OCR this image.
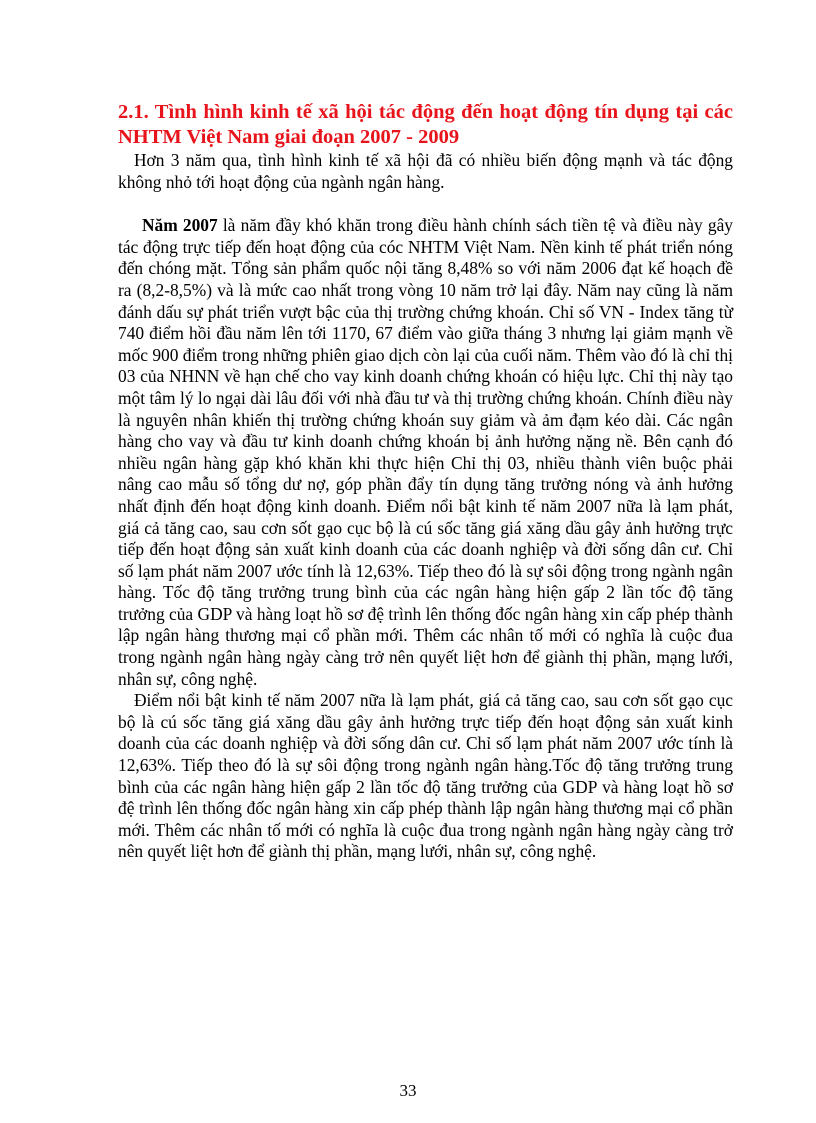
2.1. Tình hình kinh tế xã hội tác động đến hoạt động tín dụng tại các NHTM Việt Nam giai đoạn 2007 - 2009

Hơn 3 năm qua, tình hình kinh tế xã hội đã có nhiều biến động mạnh và tác động không nhỏ tới hoạt động của ngành ngân hàng.

Năm 2007 là năm đầy khó khăn trong điều hành chính sách tiền tệ và điều này gây tác động trực tiếp đến hoạt động của cóc NHTM Việt Nam. Nền kinh tế phát triển nóng đến chóng mặt. Tổng sản phẩm quốc nội tăng 8,48% so với năm 2006 đạt kế hoạch đề ra (8,2-8,5%) và là mức cao nhất trong vòng 10 năm trở lại đây. Năm nay cũng là năm đánh dấu sự phát triển vượt bậc của thị trường chứng khoán. Chỉ số VN - Index tăng từ 740 điểm hồi đầu năm lên tới 1170, 67 điểm vào giữa tháng 3 nhưng lại giảm mạnh về mốc 900 điểm trong những phiên giao dịch còn lại của cuối năm. Thêm vào đó là chỉ thị 03 của NHNN về hạn chế cho vay kinh doanh chứng khoán có hiệu lực. Chỉ thị này tạo một tâm lý lo ngại dài lâu đối với nhà đầu tư và thị trường chứng khoán. Chính điều này là nguyên nhân khiến thị trường chứng khoán suy giảm và ảm đạm kéo dài. Các ngân hàng cho vay và đầu tư kinh doanh chứng khoán bị ảnh hưởng nặng nề. Bên cạnh đó nhiều ngân hàng gặp khó khăn khi thực hiện Chỉ thị 03, nhiều thành viên buộc phải nâng cao mẫu số tổng dư nợ, góp phần đẩy tín dụng tăng trưởng nóng và ảnh hưởng nhất định đến hoạt động kinh doanh. Điểm nổi bật kinh tế năm 2007 nữa là lạm phát, giá cả tăng cao, sau cơn sốt gạo cục bộ là cú sốc tăng giá xăng dầu gây ảnh hưởng trực tiếp đến hoạt động sản xuất kinh doanh của các doanh nghiệp và đời sống dân cư. Chỉ số lạm phát năm 2007 ước tính là 12,63%. Tiếp theo đó là sự sôi động trong ngành ngân hàng. Tốc độ tăng trưởng trung bình của các ngân hàng hiện gấp 2 lần tốc độ tăng trưởng của GDP và hàng loạt hồ sơ đệ trình lên thống đốc ngân hàng xin cấp phép thành lập ngân hàng thương mại cổ phần mới. Thêm các nhân tố mới có nghĩa là cuộc đua trong ngành ngân hàng ngày càng trở nên quyết liệt hơn để giành thị phần, mạng lưới, nhân sự, công nghệ.

Điểm nổi bật kinh tế năm 2007 nữa là lạm phát, giá cả tăng cao, sau cơn sốt gạo cục bộ là cú sốc tăng giá xăng dầu gây ảnh hưởng trực tiếp đến hoạt động sản xuất kinh doanh của các doanh nghiệp và đời sống dân cư. Chỉ số lạm phát năm 2007 ước tính là 12,63%. Tiếp theo đó là sự sôi động trong ngành ngân hàng.Tốc độ tăng trưởng trung bình của các ngân hàng hiện gấp 2 lần tốc độ tăng trưởng của GDP và hàng loạt hồ sơ đệ trình lên thống đốc ngân hàng xin cấp phép thành lập ngân hàng thương mại cổ phần mới. Thêm các nhân tố mới có nghĩa là cuộc đua trong ngành ngân hàng ngày càng trở nên quyết liệt hơn để giành thị phần, mạng lưới, nhân sự, công nghệ.

33
